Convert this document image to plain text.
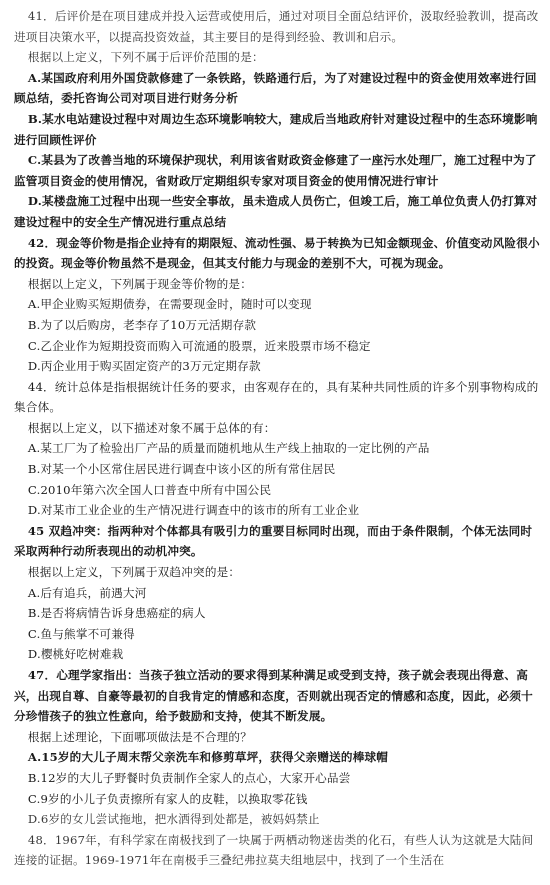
41．后评价是在项目建成并投入运营或使用后，通过对项目全面总结评价，汲取经验教训，提高改进项目决策水平，以提高投资效益，其主要目的是得到经验、教训和启示。

根据以上定义，下列不属于后评价范围的是：

A.某国政府利用外国贷款修建了一条铁路，铁路通行后，为了对建设过程中的资金使用效率进行回顾总结，委托咨询公司对项目进行财务分析

B.某水电站建设过程中对周边生态环境影响较大，建成后当地政府针对建设过程中的生态环境影响进行回顾性评价

C.某县为了改善当地的环境保护现状，利用该省财政资金修建了一座污水处理厂，施工过程中为了监管项目资金的使用情况，省财政厅定期组织专家对项目资金的使用情况进行审计

D.某楼盘施工过程中出现一些安全事故，虽未造成人员伤亡，但竣工后，施工单位负责人仍打算对建设过程中的安全生产情况进行重点总结

42．现金等价物是指企业持有的期限短、流动性强、易于转换为已知金额现金、价值变动风险很小的投资。现金等价物虽然不是现金，但其支付能力与现金的差别不大，可视为现金。

根据以上定义，下列属于现金等价物的是：

A.甲企业购买短期债券，在需要现金时，随时可以变现

B.为了以后购房，老李存了10万元活期存款

C.乙企业作为短期投资而购入可流通的股票，近来股票市场不稳定

D.丙企业用于购买固定资产的3万元定期存款

44．统计总体是指根据统计任务的要求，由客观存在的，具有某种共同性质的许多个别事物构成的集合体。

根据以上定义，以下描述对象不属于总体的有：

A.某工厂为了检验出厂产品的质量而随机地从生产线上抽取的一定比例的产品

B.对某一个小区常住居民进行调查中该小区的所有常住居民

C.2010年第六次全国人口普查中所有中国公民

D.对某市工业企业的生产情况进行调查中的该市的所有工业企业

45 双趋冲突：指两种对个体都具有吸引力的重要目标同时出现，而由于条件限制，个体无法同时采取两种行动所表现出的动机冲突。

根据以上定义，下列属于双趋冲突的是：

A.后有追兵，前遇大河

B.是否将病情告诉身患癌症的病人

C.鱼与熊掌不可兼得

D.樱桃好吃树难栽

47．心理学家指出：当孩子独立活动的要求得到某种满足或受到支持，孩子就会表现出得意、高兴，出现自尊、自豪等最初的自我肯定的情感和态度，否则就出现否定的情感和态度，因此，必须十分珍惜孩子的独立性意向，给予鼓励和支持，使其不断发展。

根据上述理论，下面哪项做法是不合理的？

A.15岁的大儿子周末帮父亲洗车和修剪草坪，获得父亲赠送的棒球帽

B.12岁的大儿子野餐时负责制作全家人的点心，大家开心品尝

C.9岁的小儿子负责擦所有家人的皮鞋，以换取零花钱

D.6岁的女儿尝试拖地，把水洒得到处都是，被妈妈禁止

48．1967年，有科学家在南极找到了一块属于两栖动物迷齿类的化石，有些人认为这就是大陆间连接的证据。1969-1971年在南极手三叠纪弗拉莫夫组地层中，找到了一个生活在
